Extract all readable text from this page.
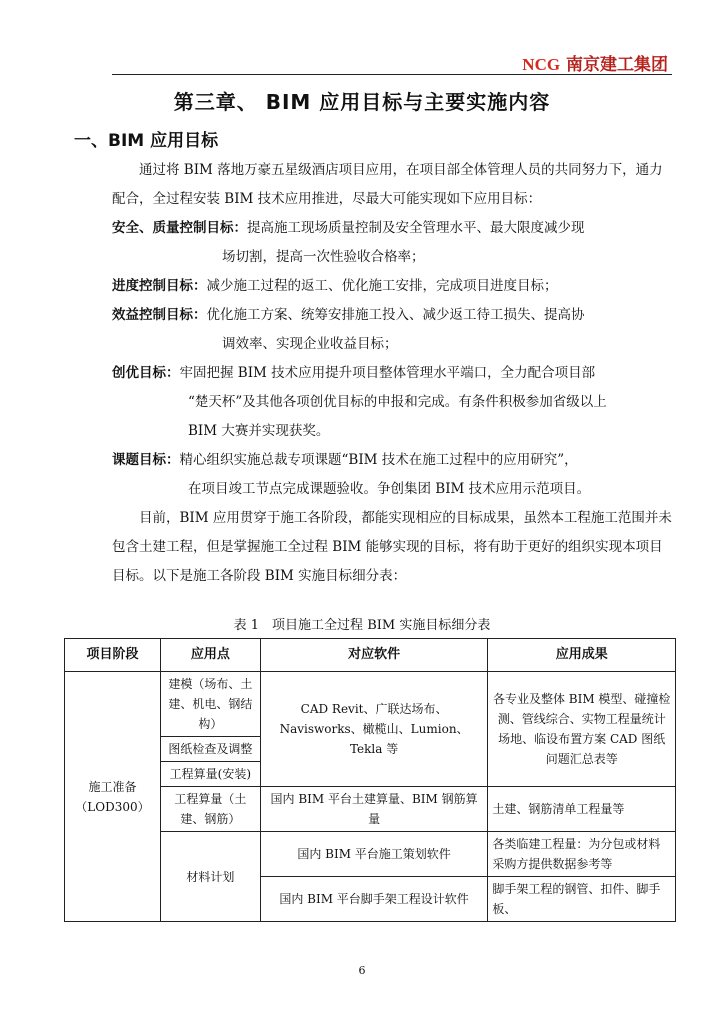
NCG 南京建工集团
第三章、 BIM 应用目标与主要实施内容
一、BIM 应用目标
通过将 BIM 落地万豪五星级酒店项目应用，在项目部全体管理人员的共同努力下，通力配合，全过程安装 BIM 技术应用推进，尽最大可能实现如下应用目标：
安全、质量控制目标：提高施工现场质量控制及安全管理水平、最大限度减少现
场切割，提高一次性验收合格率；
进度控制目标：减少施工过程的返工、优化施工安排，完成项目进度目标；
效益控制目标：优化施工方案、统筹安排施工投入、减少返工待工损失、提高协
调效率、实现企业收益目标；
创优目标：牢固把握 BIM 技术应用提升项目整体管理水平端口，全力配合项目部
“楚天杯”及其他各项创优目标的申报和完成。有条件积极参加省级以上 BIM 大赛并实现获奖。
课题目标：精心组织实施总裁专项课题“BIM 技术在施工过程中的应用研究”，
在项目竣工节点完成课题验收。争创集团 BIM 技术应用示范项目。
目前，BIM 应用贯穿于施工各阶段，都能实现相应的目标成果，虽然本工程施工范围并未包含土建工程，但是掌握施工全过程 BIM 能够实现的目标，将有助于更好的组织实现本项目目标。以下是施工各阶段 BIM 实施目标细分表：
表 1　项目施工全过程 BIM 实施目标细分表
项目阶段	应用点	对应软件	应用成果
施工准备（LOD300）	建模（场布、土建、机电、钢结构）	CAD Revit、广联达场布、Navisworks、橄榄山、Lumion、Tekla 等	各专业及整体 BIM 模型、碰撞检测、管线综合、实物工程量统计 场地、临设布置方案 CAD 图纸问题汇总表等
	图纸检查及调整		
	工程算量(安装)		
	工程算量（土建、钢筋）	国内 BIM 平台土建算量、BIM 钢筋算量	土建、钢筋清单工程量等
	材料计划	国内 BIM 平台施工策划软件	各类临建工程量：为分包或材料采购方提供数据参考等
		国内 BIM 平台脚手架工程设计软件	脚手架工程的钢管、扣件、脚手板、
6
